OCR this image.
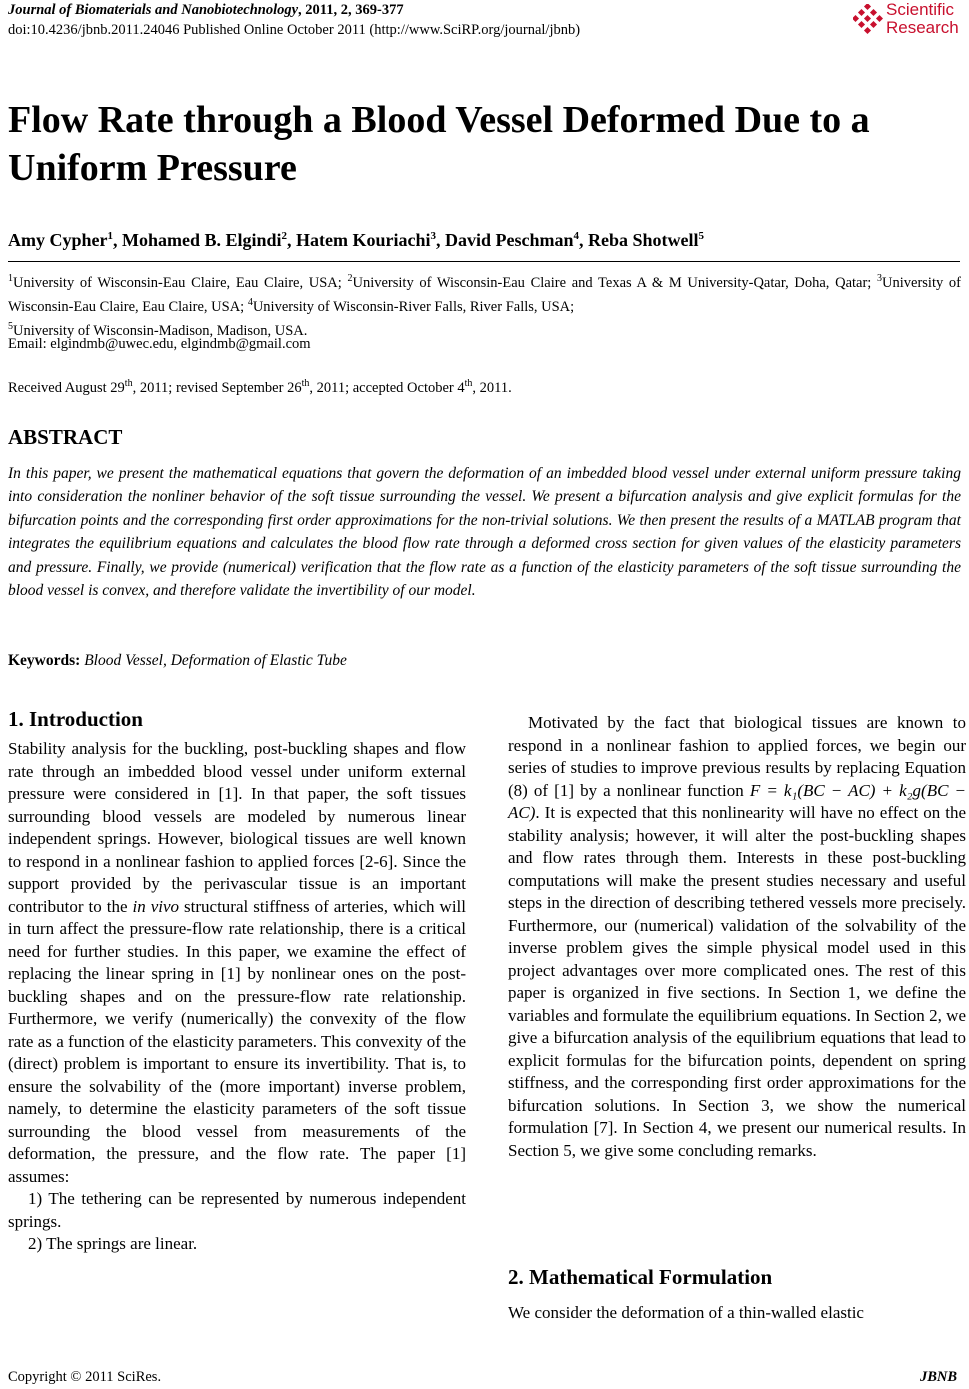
Journal of Biomaterials and Nanobiotechnology, 2011, 2, 369-377
doi:10.4236/jbnb.2011.24046 Published Online October 2011 (http://www.SciRP.org/journal/jbnb)
Scientific
Research
Flow Rate through a Blood Vessel Deformed Due to a Uniform Pressure
Amy Cypher$^1$, Mohamed B. Elgindi$^2$, Hatem Kouriachi$^3$, David Peschman$^4$, Reba Shotwell$^5$
$^1$University of Wisconsin-Eau Claire, Eau Claire, USA; $^2$University of Wisconsin-Eau Claire and Texas A & M University-Qatar, Doha, Qatar; $^3$University of Wisconsin-Eau Claire, Eau Claire, USA; $^4$University of Wisconsin-River Falls, River Falls, USA;
$^5$University of Wisconsin-Madison, Madison, USA.
Email: elgindmb@uwec.edu, elgindmb@gmail.com
Received August 29th, 2011; revised September 26th, 2011; accepted October 4th, 2011.
ABSTRACT
In this paper, we present the mathematical equations that govern the deformation of an imbedded blood vessel under external uniform pressure taking into consideration the nonliner behavior of the soft tissue surrounding the vessel. We present a bifurcation analysis and give explicit formulas for the bifurcation points and the corresponding first order approximations for the non-trivial solutions. We then present the results of a MATLAB program that integrates the equilibrium equations and calculates the blood flow rate through a deformed cross section for given values of the elasticity parameters and pressure. Finally, we provide (numerical) verification that the flow rate as a function of the elasticity parameters of the soft tissue surrounding the blood vessel is convex, and therefore validate the invertibility of our model.
Keywords: Blood Vessel, Deformation of Elastic Tube
1. Introduction

Stability analysis for the buckling, post-buckling shapes and flow rate through an imbedded blood vessel under uniform external pressure were considered in [1]. In that paper, the soft tissues surrounding blood vessels are modeled by numerous linear independent springs. However, biological tissues are well known to respond in a nonlinear fashion to applied forces [2-6]. Since the support provided by the perivascular tissue is an important contributor to the in vivo structural stiffness of arteries, which will in turn affect the pressure-flow rate relationship, there is a critical need for further studies. In this paper, we examine the effect of replacing the linear spring in [1] by nonlinear ones on the post-buckling shapes and on the pressure-flow rate relationship. Furthermore, we verify (numerically) the convexity of the flow rate as a function of the elasticity parameters. This convexity of the (direct) problem is important to ensure its invertibility. That is, to ensure the solvability of the (more important) inverse problem, namely, to determine the elasticity parameters of the soft tissue surrounding the blood vessel from measurements of the deformation, the pressure, and the flow rate. The paper [1] assumes:

1) The tethering can be represented by numerous independent springs.

2) The springs are linear.

Motivated by the fact that biological tissues are known to respond in a nonlinear fashion to applied forces, we begin our series of studies to improve previous results by replacing Equation (8) of [1] by a nonlinear function F = k₁(BC − AC) + k₂g(BC − AC). It is expected that this nonlinearity will have no effect on the stability analysis; however, it will alter the post-buckling shapes and flow rates through them. Interests in these post-buckling computations will make the present studies necessary and useful steps in the direction of describing tethered vessels more precisely. Furthermore, our (numerical) validation of the solvability of the inverse problem gives the simple physical model used in this project advantages over more complicated ones. The rest of this paper is organized in five sections. In Section 1, we define the variables and formulate the equilibrium equations. In Section 2, we give a bifurcation analysis of the equilibrium equations that lead to explicit formulas for the bifurcation points, dependent on spring stiffness, and the corresponding first order approximations for the bifurcation solutions. In Section 3, we show the numerical formulation [7]. In Section 4, we present our numerical results. In Section 5, we give some concluding remarks.

2. Mathematical Formulation
We consider the deformation of a thin-walled elastic
Copyright © 2011 SciRes.	JBNB
